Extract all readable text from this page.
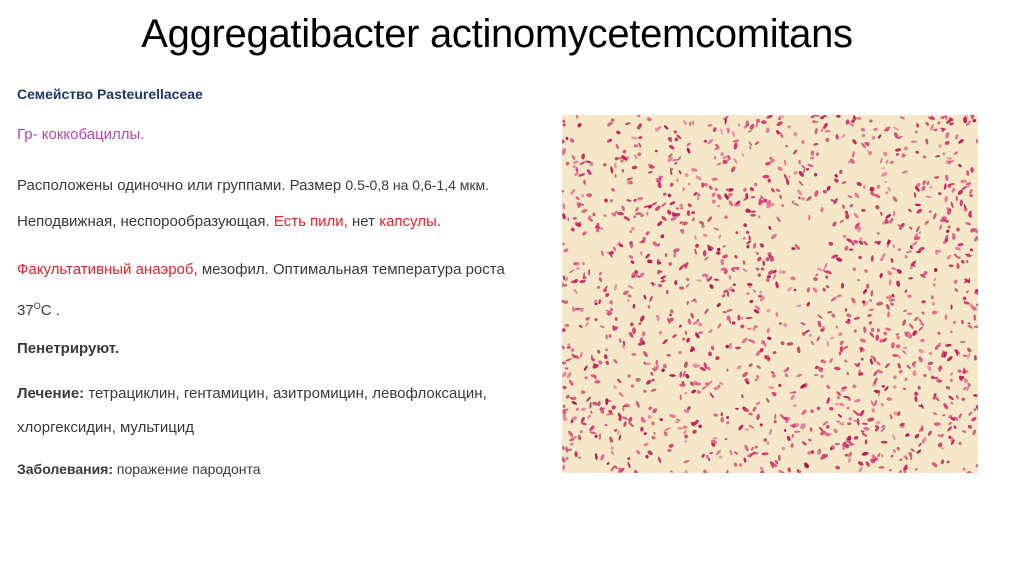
Aggregatibacter actinomycetemcomitans

Семейство Pasteurellaceae

Гр- коккобациллы.

Расположены одиночно или группами. Размер 0.5-0,8 на 0,6-1,4 мкм.

Неподвижная, неспорообразующая. Есть пили, нет капсулы.

Факультативный анаэроб, мезофил. Оптимальная температура роста $37^OC$ .

Пенетрируют.

Лечение: тетрациклин, гентамицин, азитромицин, левофлоксацин, хлоргексидин, мультицид

Заболевания: поражение пародонта
